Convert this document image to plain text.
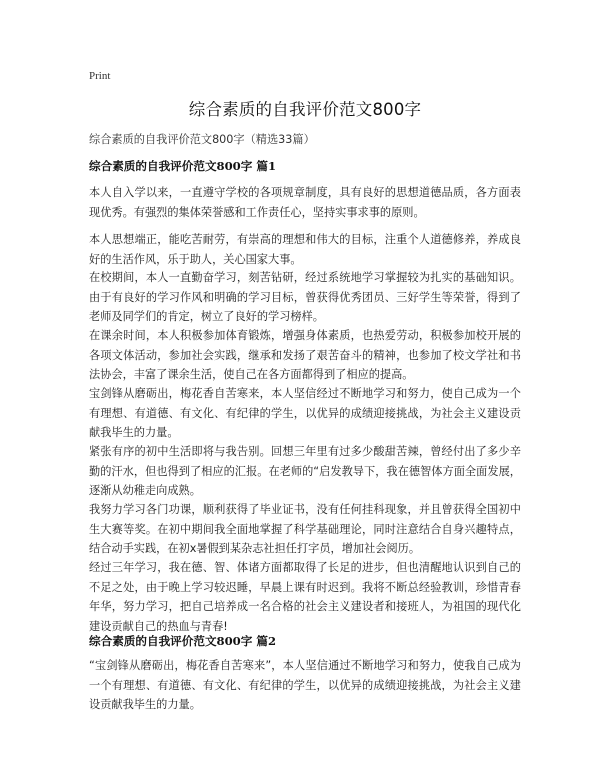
Print
综合素质的自我评价范文800字

综合素质的自我评价范文800字（精选33篇）

综合素质的自我评价范文800字 篇1

本人自入学以来，一直遵守学校的各项规章制度，具有良好的思想道德品质，各方面表现优秀。有强烈的集体荣誉感和工作责任心，坚持实事求事的原则。

本人思想端正，能吃苦耐劳，有崇高的理想和伟大的目标，注重个人道德修养，养成良好的生活作风，乐于助人，关心国家大事。

在校期间，本人一直勤奋学习，刻苦钻研，经过系统地学习掌握较为扎实的基础知识。由于有良好的学习作风和明确的学习目标，曾获得优秀团员、三好学生等荣誉，得到了老师及同学们的肯定，树立了良好的学习榜样。

在课余时间，本人积极参加体育锻炼，增强身体素质，也热爱劳动，积极参加校开展的各项文体活动，参加社会实践，继承和发扬了艰苦奋斗的精神，也参加了校文学社和书法协会，丰富了课余生活，使自己在各方面都得到了相应的提高。

宝剑锋从磨砺出，梅花香自苦寒来，本人坚信经过不断地学习和努力，使自己成为一个有理想、有道德、有文化、有纪律的学生，以优异的成绩迎接挑战，为社会主义建设贡献我毕生的力量。

紧张有序的初中生活即将与我告别。回想三年里有过多少酸甜苦辣，曾经付出了多少辛勤的汗水，但也得到了相应的汇报。在老师的“启发教导下，我在德智体方面全面发展，逐渐从幼稚走向成熟。

我努力学习各门功课，顺利获得了毕业证书，没有任何挂科现象，并且曾获得全国初中生大赛等奖。在初中期间我全面地掌握了科学基础理论，同时注意结合自身兴趣特点，结合动手实践，在初x暑假到某杂志社担任打字员，增加社会阅历。

经过三年学习，我在德、智、体诸方面都取得了长足的进步，但也清醒地认识到自己的不足之处，由于晚上学习较迟睡，早晨上课有时迟到。我将不断总经验教训，珍惜青春年华，努力学习，把自己培养成一名合格的社会主义建设者和接班人，为祖国的现代化建设贡献自己的热血与青春!

综合素质的自我评价范文800字 篇2

“宝剑锋从磨砺出，梅花香自苦寒来”，本人坚信通过不断地学习和努力，使我自己成为一个有理想、有道德、有文化、有纪律的学生，以优异的成绩迎接挑战，为社会主义建设贡献我毕生的力量。
